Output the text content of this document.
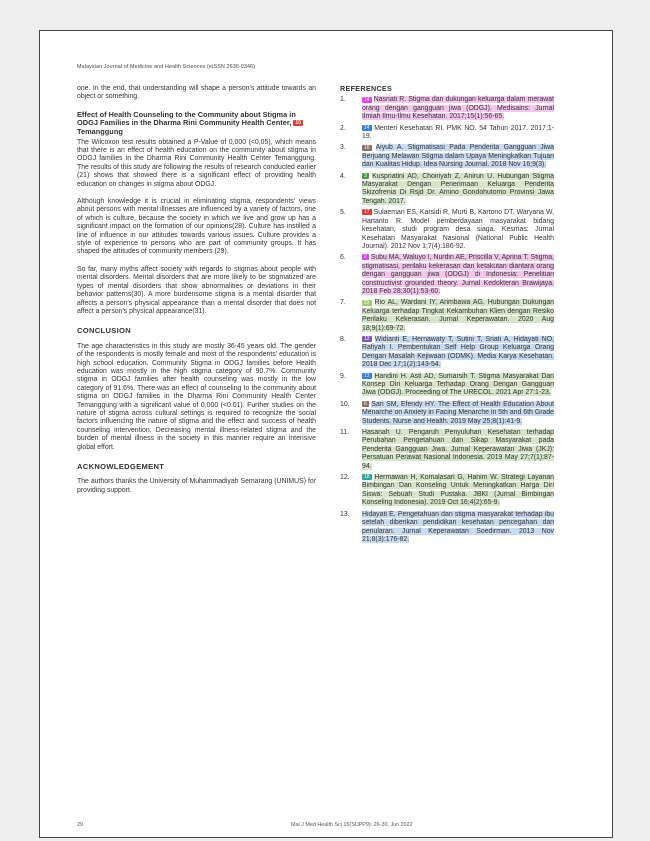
Malaysian Journal of Medicine and Health Sciences (eISSN 2636-9346)

one. In the end, that understanding will shape a person's attitude towards an object or something.

Effect of Health Counseling to the Community about Stigma in ODGJ Families in the Dharma Rini Community Health Center, 10Temanggung

The Wilcoxon test results obtained a P-Value of 0,000 (<0,05), which means that there is an effect of health education on the community about stigma in ODGJ families in the Dharma Rini Community Health Center Temanggung. The results of this study are following the results of research conducted earlier (21) shows that showed there is a significant effect of providing health education on changes in stigma about ODGJ.

Although knowledge it is crucial in eliminating stigma, respondents' views about persons with mental illnesses are influenced by a variety of factors, one of which is culture, because the society in which we live and grow up has a significant impact on the formation of our opinions(28). Culture has instilled a line of influence in our attitudes towards various issues. Culture provides a style of experience to persons who are part of community groups. It has shaped the attitudes of community members (29).

So far, many myths affect society with regards to stigmas about people with mental disorders. Mental disorders that are more likely to be stigmatized are types of mental disorders that show abnormalities or deviations in their behavior patterns(30). A more burdensome stigma is a mental disorder that affects a person's physical appearance than a mental disorder that does not affect a person's physical appearance(31).

CONCLUSION

The age characteristics in this study are mostly 36-45 years old. The gender of the respondents is mostly female and most of the respondents' education is high school education. Community Stigma in ODGJ families before Health education was mostly in the high stigma category of 90.7%. Community stigma in ODGJ families after health counseling was mostly in the low category of 91.6%. There was an effect of counseling to the community about stigma on ODGJ families in the Dharma Rini Community Health Center Temanggung with a significant value of 0,000 (<0.01). Further studies on the nature of stigma across cultural settings is required to recognize the social factors influencing the nature of stigma and the effect and success of health counseling intervention. Decreasing mental illness-related stigma and the burden of mental illness in the society in this manner require an intensive global effort.

ACKNOWLEDGEMENT

The authors thanks the University of Muhammadiyah Semarang (UNIMUS) for providing support.

REFERENCES
1.	14 Nasriati R. Stigma dan dukungan keluarga dalam merawat orang dengan gangguan jiwa (ODGJ). Medisains: Jurnal Ilmiah Ilmu-Ilmu Kesehatan. 2017;15(1):56-65.
2.	24 Menteri Kesehatan RI. PMK NO. 54 Tahun 2017. 2017;1-19.
3.	16 Aiyub A. Stigmatisasi Pada Penderita Gangguan Jiwa Berjuang Melawan Stigma dalam Upaya Meningkatkan Tujuan dan Kualitas Hidup. Idea Nursing Journal. 2018 Nov 16;9(3).
4.	3 Kuspriatini AD, Choiriyah Z, Anirun U. Hubungan Stigma Masyarakat Dengan Penerimaan Keluarga Penderita Skizofrenia Di Rsjd Dr. Amino Gondohutomo Provinsi Jawa Tengah. 2017.
5.	17 Sulaeman ES, Karsidi R, Murti B, Kartono DT, Waryana W, Hartanto R. Model pemberdayaan masyarakat bidang kesehatan, studi program desa siaga. Kesmas: Jurnal Kesehatan Masyarakat Nasional (National Public Health Journal). 2012 Nov 1;7(4):186-92.
6.	2 Subu MA, Waluyo I, Nurdin AE, Priscilla V, Aprina T. Stigma, stigmatisasi, perilaku kekerasan dan ketakutan diantara orang dengan gangguan jiwa (ODGJ) di Indonesia: Penelitian constructivist grounded theory. Jurnal Kedokteran Brawijaya. 2018 Feb 28;30(1):53-60.
7.	22 Rio AL, Wardani IY, Arimbawa AG. Hubungan Dukungan Keluarga terhadap Tingkat Kekambuhan Klien dengan Resiko Perilaku Kekerasan. Jurnal Keperawatan. 2020 Aug 18;9(1):69-72.
8.	12 Widianti E, Hernawaty T, Sutini T, Sriati A, Hidayati NO, Rafiyah I. Pembentukan Self Help Group Keluarga Orang Dengan Masalah Kejiwaan (ODMK). Media Karya Kesehatan. 2018 Dec 17;1(2):143-54.
9.	13 Handini H. Asti AD, Sumarsih T. Stigma Masyarakat Dan Konsep Diri Keluarga Terhadap Orang Dengan Gangguan Jiwa (ODGJ). Proceeding of The URECOL. 2021 Apr 27:1-23.
10.	6 Sari SM, Efendy HY. The Effect of Health Education About Menarche on Anxiety in Facing Menarche in 5th and 6th Grade Students. Nurse and Health. 2019 May 25;8(1):41-9.
11. Hasanah U. Pengaruh Penyuluhan Kesehatan terhadap Perubahan Pengetahuan dan Sikap Masyarakat pada Penderita Gangguan Jiwa. Jurnal Keperawatan Jiwa (JKJ): Persatuan Perawat Nasional Indonesia. 2019 May 27;7(1):87-94.
12.	18 Hermawan H, Komalasari G, Hanim W. Strategi Layanan Bimbingan Dan Konseling Untuk Meningkatkan Harga Diri Siswa: Sebuah Studi Pustaka. JBKI (Jurnal Bimbingan Konseling Indonesia). 2019 Oct 16;4(2):65-9.
13. Hidayati E. Pengetahuan dan stigma masyarakat terhadap ibu setelah diberikan pendidikan kesehatan pencegahan dan penularan. Jurnal Keperawatan Soedirman. 2013 Nov 21;8(3):176-82.
29	Mal J Med Health Sci 15(SUPP9): 26-30, Jun 2022
